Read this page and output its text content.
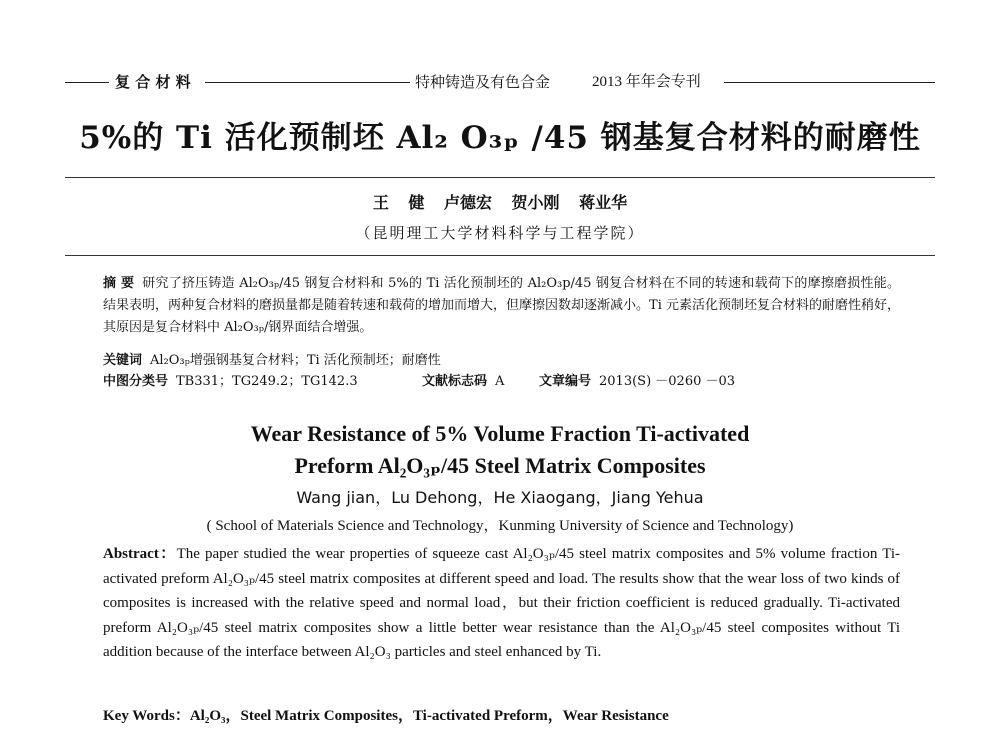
复 合 材 料	特种铸造及有色合金	2013 年年会专刊
5%的 Ti 活化预制坯 Al₂ O₃ₚ /45 钢基复合材料的耐磨性
王 健 卢德宏 贺小刚 蒋业华
（昆明理工大学材料科学与工程学院）
摘 要 研究了挤压铸造 Al₂O₃ₚ/45 钢复合材料和 5%的 Ti 活化预制坯的 Al₂O₃p/45 钢复合材料在不同的转速和载荷下的摩擦磨损性能。结果表明，两种复合材料的磨损量都是随着转速和载荷的增加而增大，但摩擦因数却逐渐减小。Ti 元素活化预制坯复合材料的耐磨性稍好，其原因是复合材料中 Al₂O₃ₚ/钢界面结合增强。
关键词 Al₂O₃ₚ增强钢基复合材料；Ti 活化预制坯；耐磨性
中图分类号 TB331；TG249.2；TG142.3	文献标志码 A	文章编号 2013(S) －0260 －03
Wear Resistance of 5% Volume Fraction Ti-activated
Preform Al₂O₃ₚ/45 Steel Matrix Composites
Wang jian，Lu Dehong，He Xiaogang，Jiang Yehua
( School of Materials Science and Technology，Kunming University of Science and Technology)
Abstract：The paper studied the wear properties of squeeze cast Al₂O₃ₚ/45 steel matrix composites and 5% volume fraction Ti-activated preform Al₂O₃ₚ/45 steel matrix composites at different speed and load. The results show that the wear loss of two kinds of composites is increased with the relative speed and normal load，but their friction coefficient is reduced gradually. Ti-activated preform Al₂O₃ₚ/45 steel matrix composites show a little better wear resistance than the Al₂O₃ₚ/45 steel composites without Ti addition because of the interface between Al₂O₃ particles and steel enhanced by Ti.
Key Words：Al₂O₃，Steel Matrix Composites，Ti-activated Preform，Wear Resistance
